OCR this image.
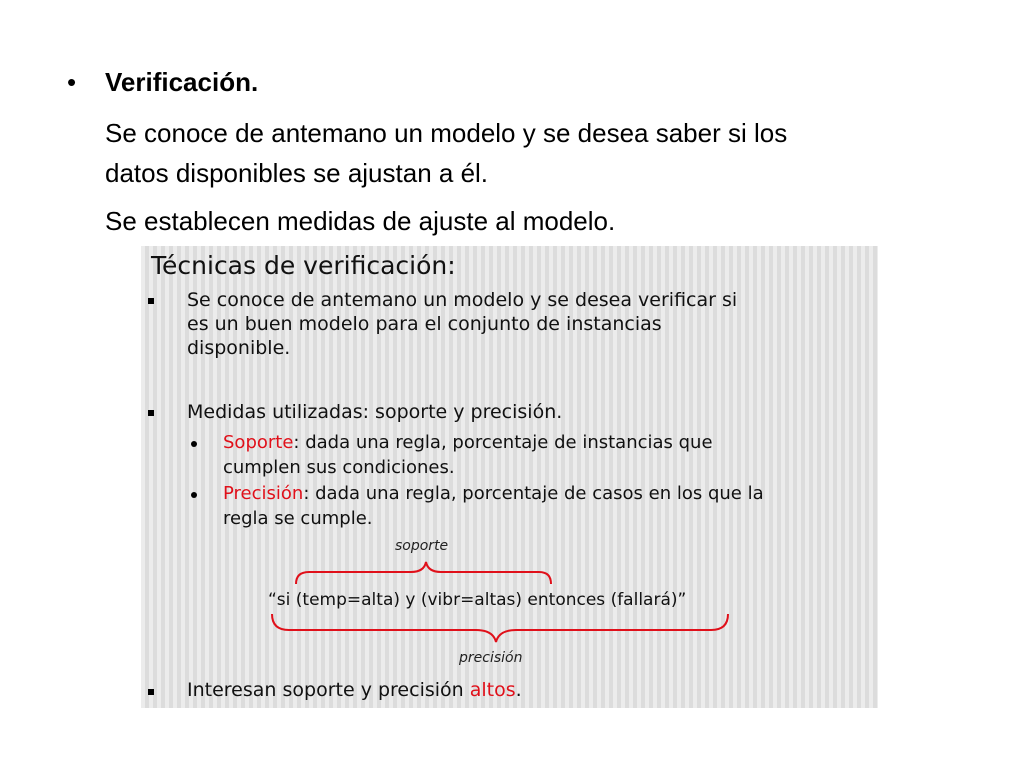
• Verificación.
Se conoce de antemano un modelo y se desea saber si los
datos disponibles se ajustan a él.
Se establecen medidas de ajuste al modelo.
Técnicas de verificación:
Se conoce de antemano un modelo y se desea verificar si
es un buen modelo para el conjunto de instancias
disponible.
Medidas utilizadas: soporte y precisión.
Soporte: dada una regla, porcentaje de instancias que
cumplen sus condiciones.
Precisión: dada una regla, porcentaje de casos en los que la
regla se cumple.
soporte
“si (temp=alta) y (vibr=altas) entonces (fallará)”
precisión
Interesan soporte y precisión altos.
